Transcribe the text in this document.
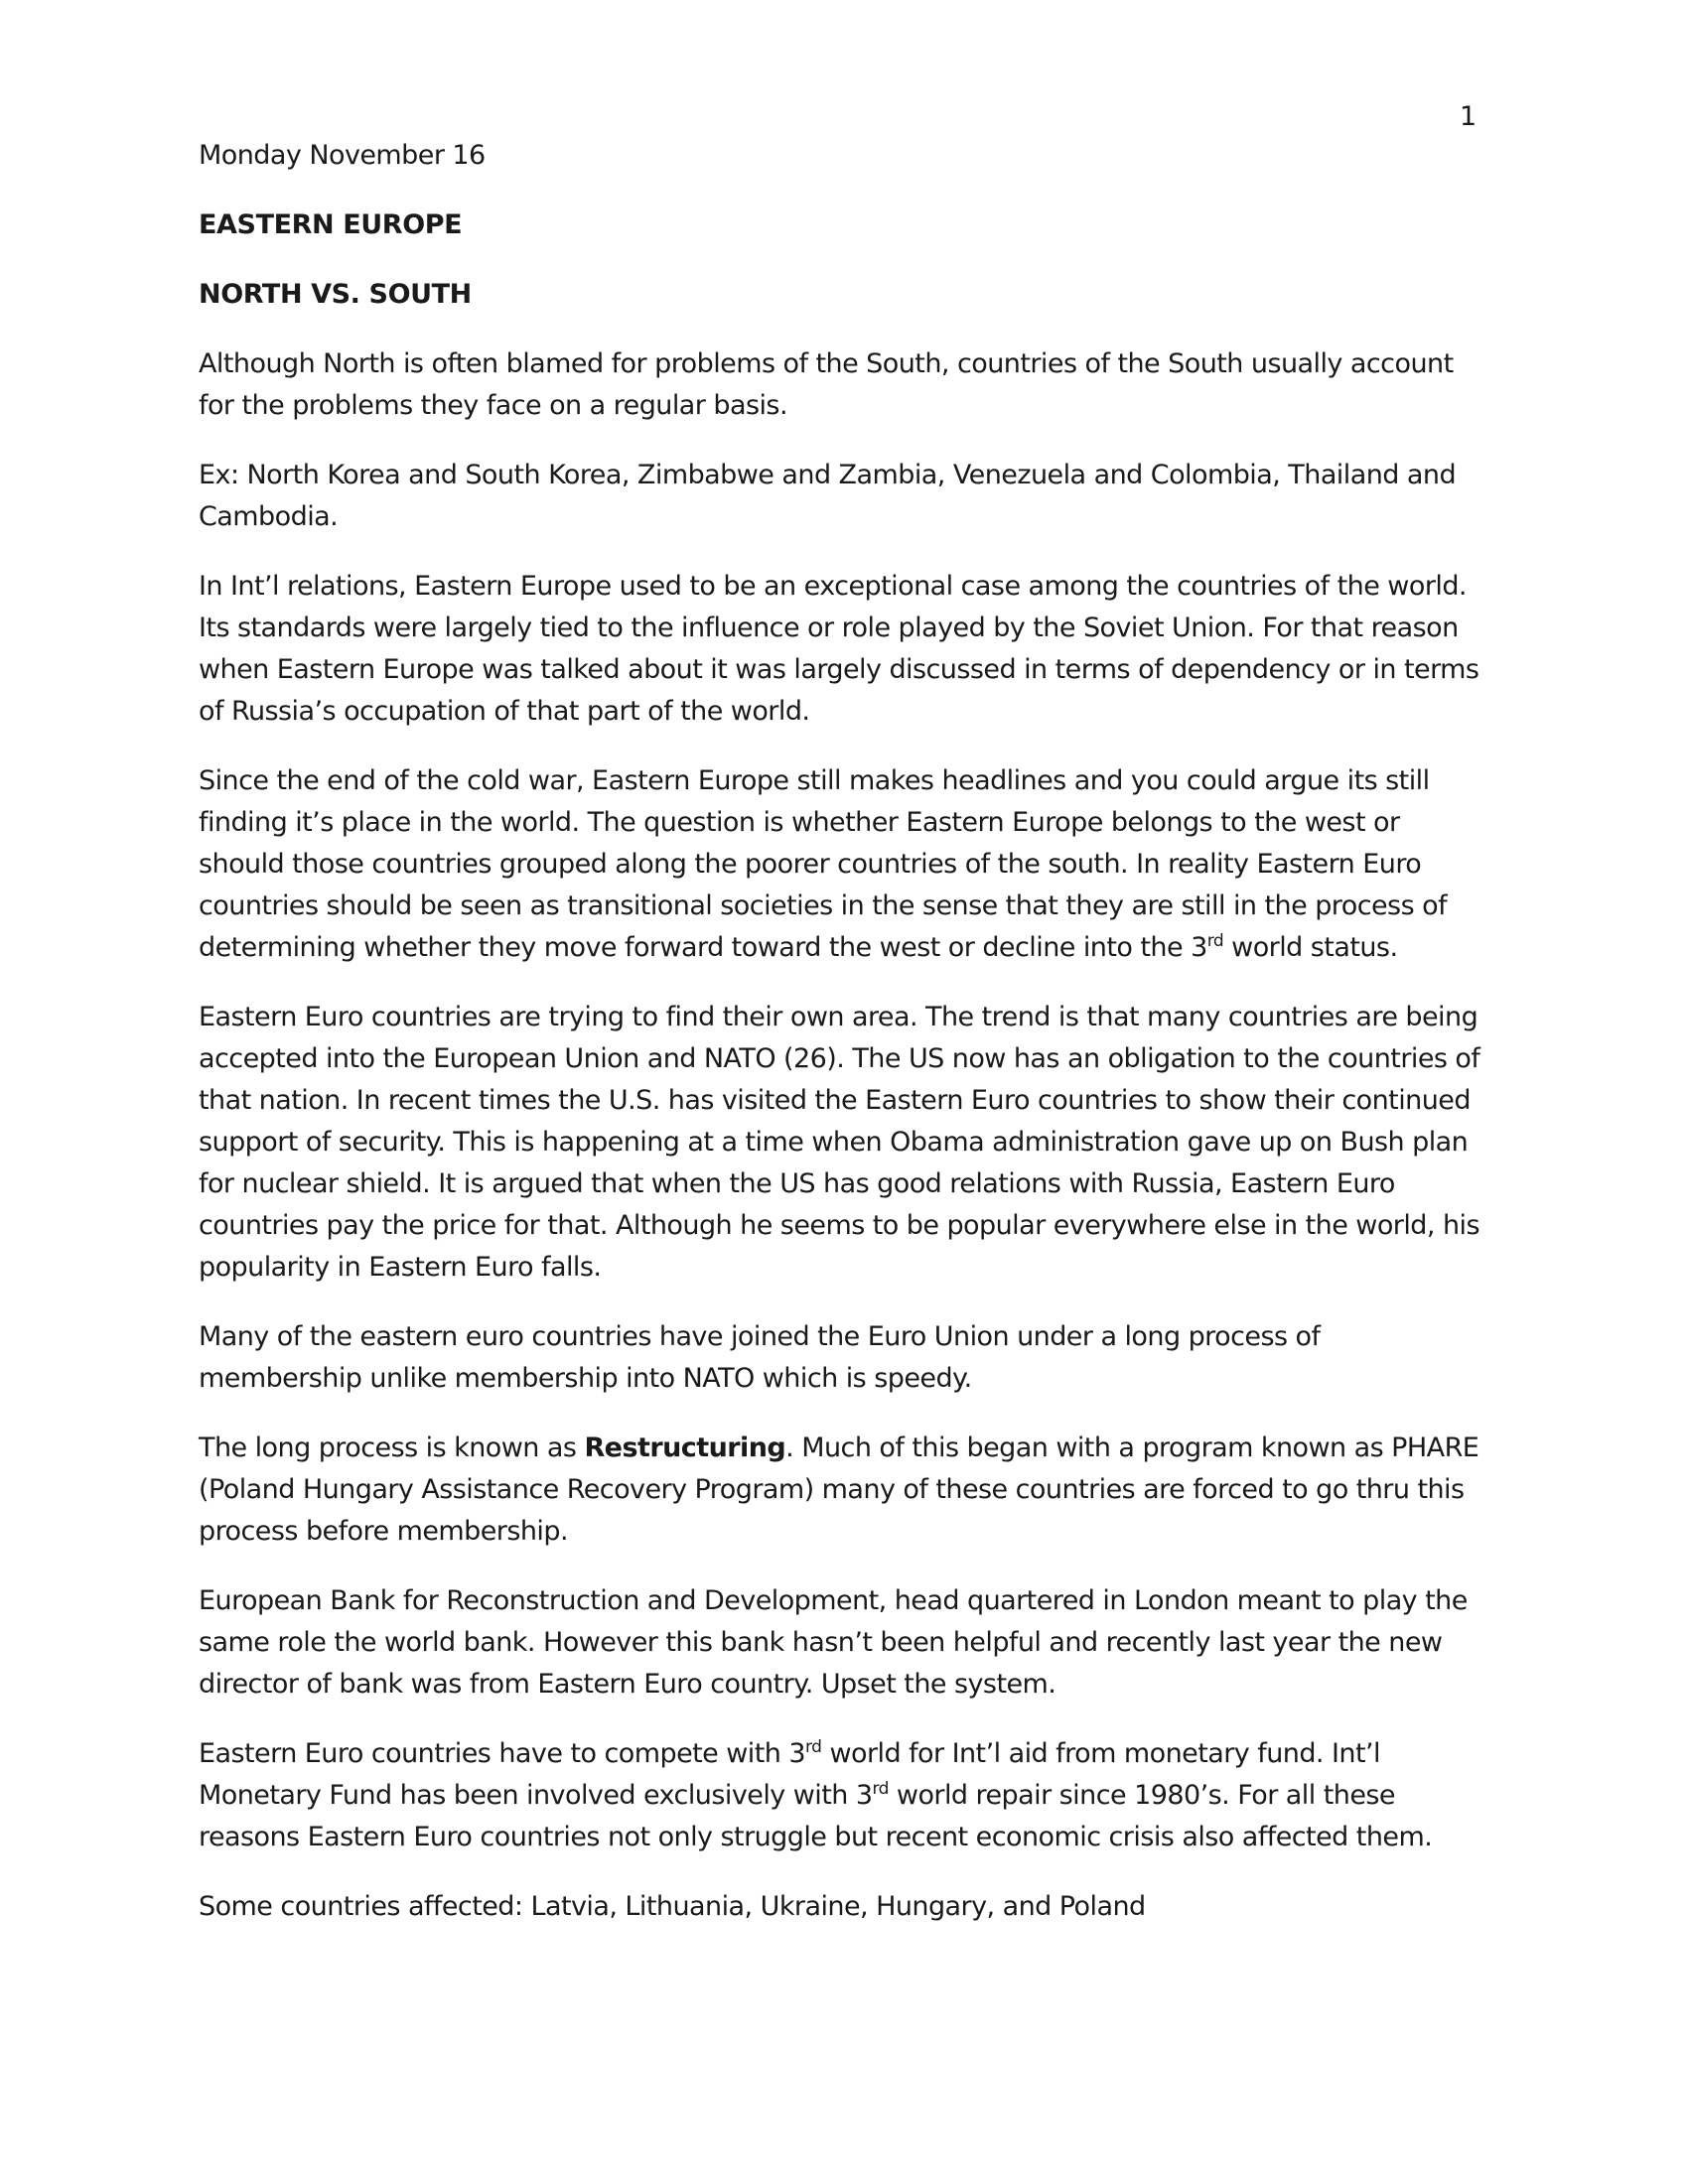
1

Monday November 16

EASTERN EUROPE

NORTH VS. SOUTH

Although North is often blamed for problems of the South, countries of the South usually account for the problems they face on a regular basis.

Ex: North Korea and South Korea, Zimbabwe and Zambia, Venezuela and Colombia, Thailand and Cambodia.

In Int’l relations, Eastern Europe used to be an exceptional case among the countries of the world. Its standards were largely tied to the influence or role played by the Soviet Union. For that reason when Eastern Europe was talked about it was largely discussed in terms of dependency or in terms of Russia’s occupation of that part of the world.

Since the end of the cold war, Eastern Europe still makes headlines and you could argue its still finding it’s place in the world. The question is whether Eastern Europe belongs to the west or should those countries grouped along the poorer countries of the south. In reality Eastern Euro countries should be seen as transitional societies in the sense that they are still in the process of determining whether they move forward toward the west or decline into the 3rd world status.

Eastern Euro countries are trying to find their own area. The trend is that many countries are being accepted into the European Union and NATO (26). The US now has an obligation to the countries of that nation. In recent times the U.S. has visited the Eastern Euro countries to show their continued support of security. This is happening at a time when Obama administration gave up on Bush plan for nuclear shield. It is argued that when the US has good relations with Russia, Eastern Euro countries pay the price for that. Although he seems to be popular everywhere else in the world, his popularity in Eastern Euro falls.

Many of the eastern euro countries have joined the Euro Union under a long process of membership unlike membership into NATO which is speedy.

The long process is known as Restructuring. Much of this began with a program known as PHARE (Poland Hungary Assistance Recovery Program) many of these countries are forced to go thru this process before membership.

European Bank for Reconstruction and Development, head quartered in London meant to play the same role the world bank. However this bank hasn’t been helpful and recently last year the new director of bank was from Eastern Euro country. Upset the system.

Eastern Euro countries have to compete with 3rd world for Int’l aid from monetary fund. Int’l Monetary Fund has been involved exclusively with 3rd world repair since 1980’s. For all these reasons Eastern Euro countries not only struggle but recent economic crisis also affected them.

Some countries affected: Latvia, Lithuania, Ukraine, Hungary, and Poland
